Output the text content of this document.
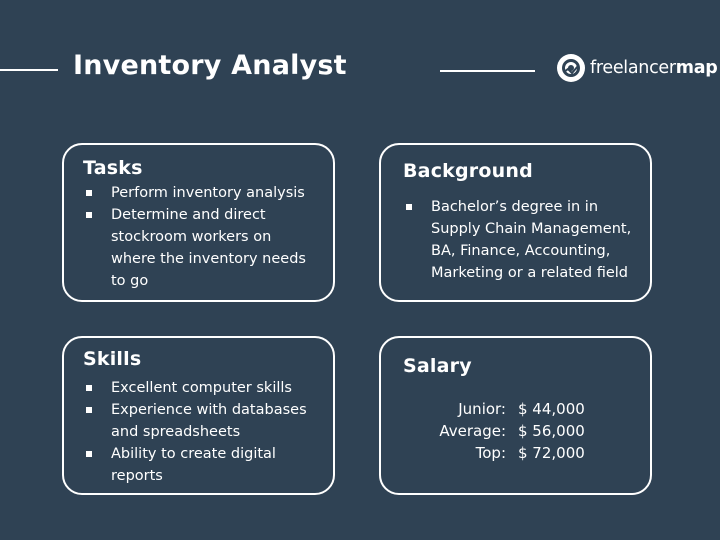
Inventory Analyst	freelancermap
Tasks
Perform inventory analysis
Determine and direct stockroom workers on where the inventory needs to go
Background
Bachelor’s degree in in Supply Chain Management, BA, Finance, Accounting, Marketing or a related field
Skills
Excellent computer skills
Experience with databases and spreadsheets
Ability to create digital reports
Salary
Junior: $ 44,000
Average: $ 56,000
Top: $ 72,000
